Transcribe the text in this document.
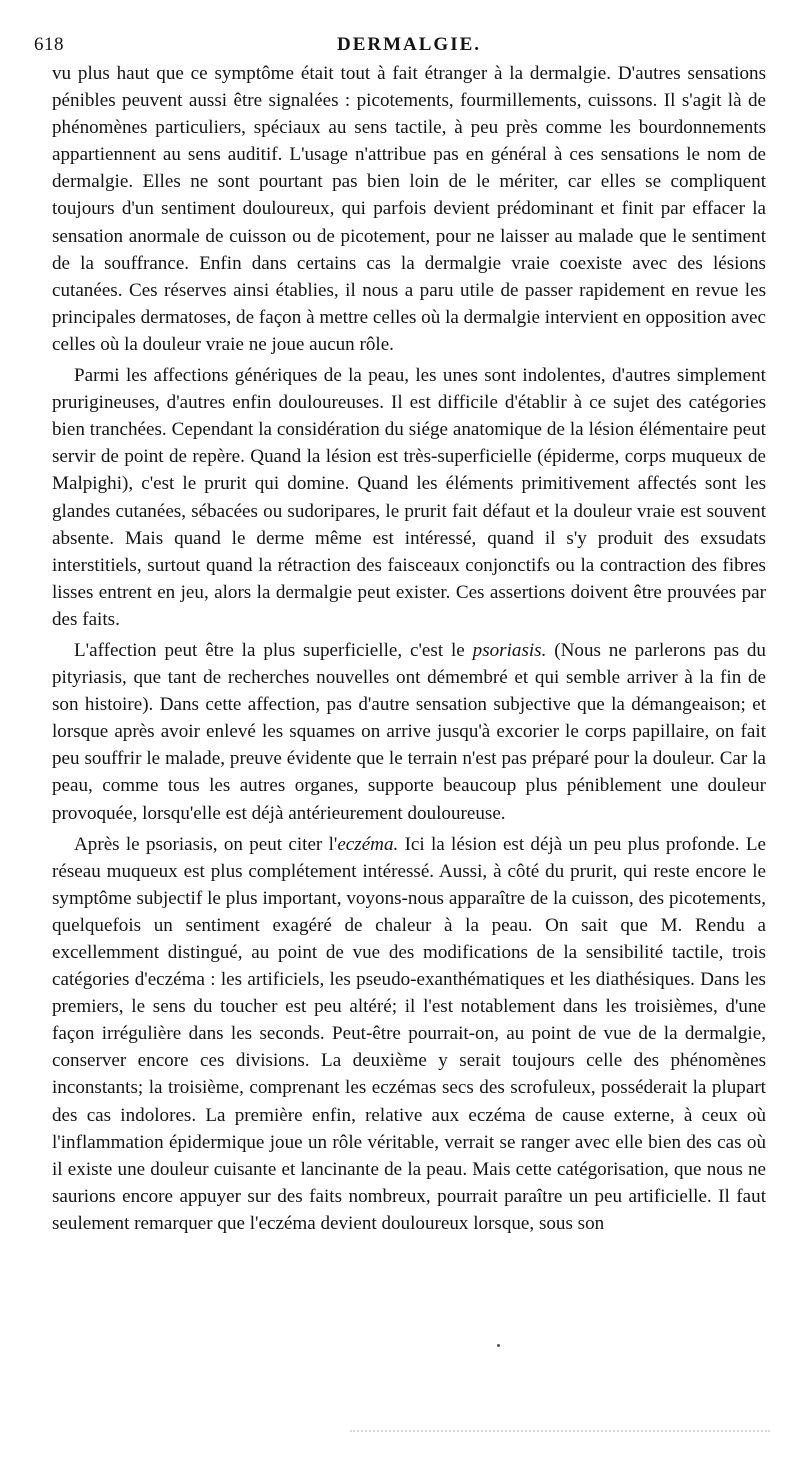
618	DERMALGIE.

vu plus haut que ce symptôme était tout à fait étranger à la dermalgie. D'autres sensations pénibles peuvent aussi être signalées : picotements, fourmillements, cuissons. Il s'agit là de phénomènes particuliers, spéciaux au sens tactile, à peu près comme les bourdonnements appartiennent au sens auditif. L'usage n'attribue pas en général à ces sensations le nom de dermalgie. Elles ne sont pourtant pas bien loin de le mériter, car elles se compliquent toujours d'un sentiment douloureux, qui parfois devient prédominant et finit par effacer la sensation anormale de cuisson ou de picotement, pour ne laisser au malade que le sentiment de la souffrance. Enfin dans certains cas la dermalgie vraie coexiste avec des lésions cutanées. Ces réserves ainsi établies, il nous a paru utile de passer rapidement en revue les principales dermatoses, de façon à mettre celles où la dermalgie intervient en opposition avec celles où la douleur vraie ne joue aucun rôle.

Parmi les affections génériques de la peau, les unes sont indolentes, d'autres simplement prurigineuses, d'autres enfin douloureuses. Il est difficile d'établir à ce sujet des catégories bien tranchées. Cependant la considération du siége anatomique de la lésion élémentaire peut servir de point de repère. Quand la lésion est très-superficielle (épiderme, corps muqueux de Malpighi), c'est le prurit qui domine. Quand les éléments primitivement affectés sont les glandes cutanées, sébacées ou sudoripares, le prurit fait défaut et la douleur vraie est souvent absente. Mais quand le derme même est intéressé, quand il s'y produit des exsudats interstitiels, surtout quand la rétraction des faisceaux conjonctifs ou la contraction des fibres lisses entrent en jeu, alors la dermalgie peut exister. Ces assertions doivent être prouvées par des faits.

L'affection peut être la plus superficielle, c'est le psoriasis. (Nous ne parlerons pas du pityriasis, que tant de recherches nouvelles ont démembré et qui semble arriver à la fin de son histoire). Dans cette affection, pas d'autre sensation subjective que la démangeaison; et lorsque après avoir enlevé les squames on arrive jusqu'à excorier le corps papillaire, on fait peu souffrir le malade, preuve évidente que le terrain n'est pas préparé pour la douleur. Car la peau, comme tous les autres organes, supporte beaucoup plus péniblement une douleur provoquée, lorsqu'elle est déjà antérieurement douloureuse.

Après le psoriasis, on peut citer l'eczéma. Ici la lésion est déjà un peu plus profonde. Le réseau muqueux est plus complétement intéressé. Aussi, à côté du prurit, qui reste encore le symptôme subjectif le plus important, voyons-nous apparaître de la cuisson, des picotements, quelquefois un sentiment exagéré de chaleur à la peau. On sait que M. Rendu a excellemment distingué, au point de vue des modifications de la sensibilité tactile, trois catégories d'eczéma : les artificiels, les pseudo-exanthématiques et les diathésiques. Dans les premiers, le sens du toucher est peu altéré; il l'est notablement dans les troisièmes, d'une façon irrégulière dans les seconds. Peut-être pourrait-on, au point de vue de la dermalgie, conserver encore ces divisions. La deuxième y serait toujours celle des phénomènes inconstants; la troisième, comprenant les eczémas secs des scrofuleux, posséderait la plupart des cas indolores. La première enfin, relative aux eczéma de cause externe, à ceux où l'inflammation épidermique joue un rôle véritable, verrait se ranger avec elle bien des cas où il existe une douleur cuisante et lancinante de la peau. Mais cette catégorisation, que nous ne saurions encore appuyer sur des faits nombreux, pourrait paraître un peu artificielle. Il faut seulement remarquer que l'eczéma devient douloureux lorsque, sous son
